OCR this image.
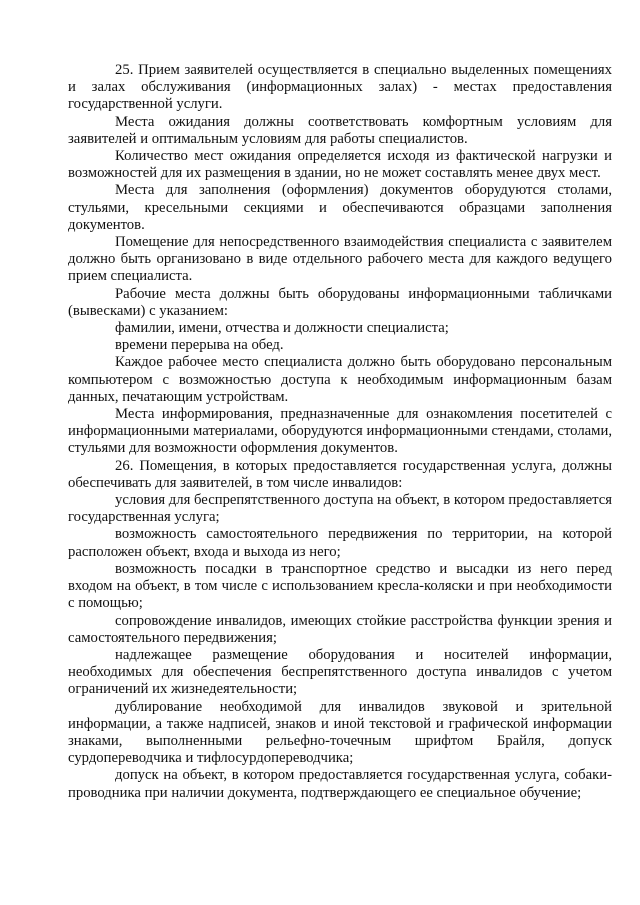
25. Прием заявителей осуществляется в специально выделенных помещениях и залах обслуживания (информационных залах) - местах предоставления государственной услуги.

Места ожидания должны соответствовать комфортным условиям для заявителей и оптимальным условиям для работы специалистов.

Количество мест ожидания определяется исходя из фактической нагрузки и возможностей для их размещения в здании, но не может составлять менее двух мест.

Места для заполнения (оформления) документов оборудуются столами, стульями, кресельными секциями и обеспечиваются образцами заполнения документов.

Помещение для непосредственного взаимодействия специалиста с заявителем должно быть организовано в виде отдельного рабочего места для каждого ведущего прием специалиста.

Рабочие места должны быть оборудованы информационными табличками (вывесками) с указанием:

фамилии, имени, отчества и должности специалиста;

времени перерыва на обед.

Каждое рабочее место специалиста должно быть оборудовано персональным компьютером с возможностью доступа к необходимым информационным базам данных, печатающим устройствам.

Места информирования, предназначенные для ознакомления посетителей с информационными материалами, оборудуются информационными стендами, столами, стульями для возможности оформления документов.

26. Помещения, в которых предоставляется государственная услуга, должны обеспечивать для заявителей, в том числе инвалидов:

условия для беспрепятственного доступа на объект, в котором предоставляется государственная услуга;

возможность самостоятельного передвижения по территории, на которой расположен объект, входа и выхода из него;

возможность посадки в транспортное средство и высадки из него перед входом на объект, в том числе с использованием кресла-коляски и при необходимости с помощью;

сопровождение инвалидов, имеющих стойкие расстройства функции зрения и самостоятельного передвижения;

надлежащее размещение оборудования и носителей информации, необходимых для обеспечения беспрепятственного доступа инвалидов с учетом ограничений их жизнедеятельности;

дублирование необходимой для инвалидов звуковой и зрительной информации, а также надписей, знаков и иной текстовой и графической информации знаками, выполненными рельефно-точечным шрифтом Брайля, допуск сурдопереводчика и тифлосурдопереводчика;

допуск на объект, в котором предоставляется государственная услуга, собаки-проводника при наличии документа, подтверждающего ее специальное обучение;
